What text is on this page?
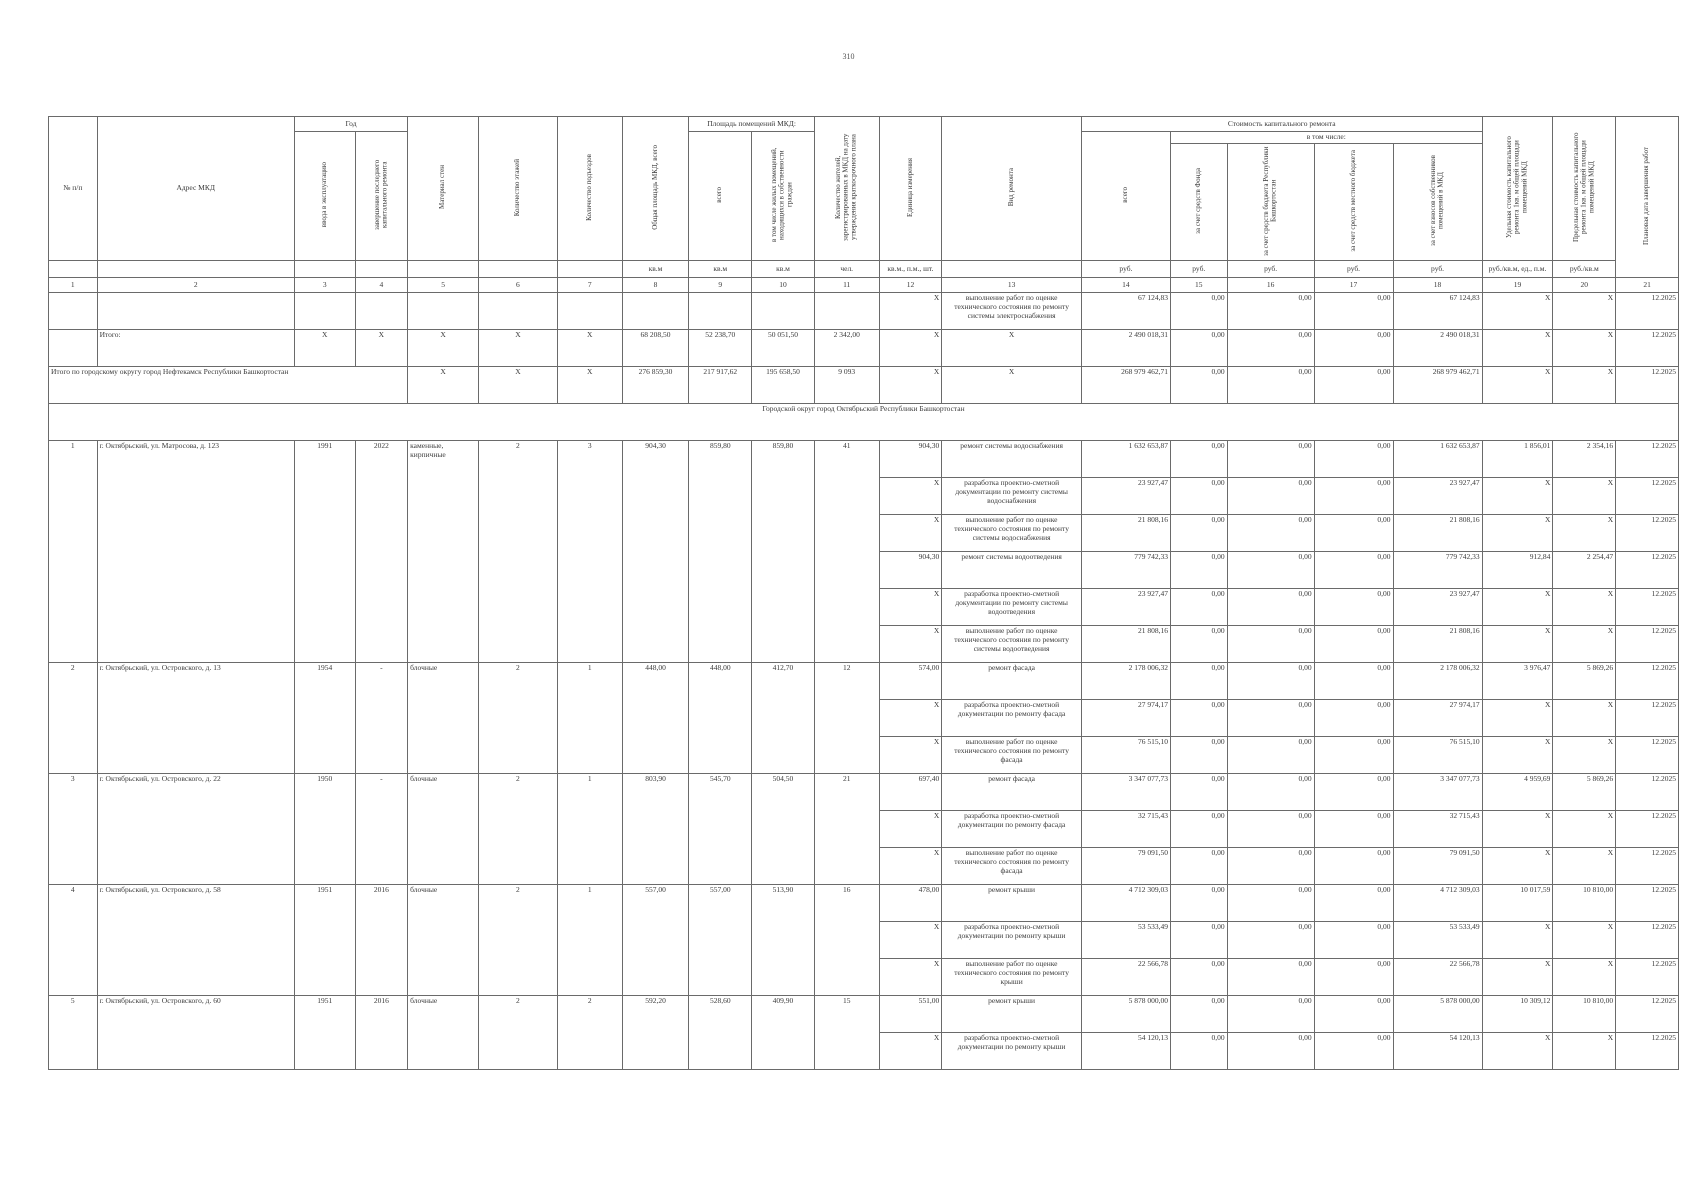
310
№ п/п	Адрес МКД	Год		Материал стен	Количество этажей	Количество подъездов	Общая площадь МКД, всего	Площадь помещений МКД:		Количество жителей, зарегистрированных в МКД на дату утверждения краткосрочного плана	Единица измерения	Вид ремонта	Стоимость капитального ремонта					Удельная стоимость капитального ремонта 1кв. м общей площади помещений МКД	Предельная стоимость капитального ремонта 1кв. м общей площади помещений МКД	Плановая дата завершения работ
		ввода в эксплуатацию	завершение последнего капитального ремонта					всего	в том числе жилых помещений, находящихся в собственности граждан				всего	в том числе:						
														за счет средств Фонда	за счет средств бюджета Республики Башкортостан	за счет средств местного бюджета	за счет взносов собственников помещений в МКД			
							кв.м	кв.м	кв.м	чел.	кв.м., п.м., шт.		руб.	руб.	руб.	руб.	руб.	руб./кв.м, ед., п.м.	руб./кв.м	
1	2	3	4	5	6	7	8	9	10	11	12	13	14	15	16	17	18	19	20	21
											X	выполнение работ по оценке технического состояния по ремонту системы электроснабжения	67 124,83	0,00	0,00	0,00	67 124,83	X	X	12.2025
	Итого:	X	X	X	X	X	68 208,50	52 238,70	50 051,50	2 342,00	X	X	2 490 018,31	0,00	0,00	0,00	2 490 018,31	X	X	12.2025
Итого по городскому округу город Нефтекамск Республики Башкортостан				X	X	X	276 859,30	217 917,62	195 658,50	9 093	X	X	268 979 462,71	0,00	0,00	0,00	268 979 462,71	X	X	12.2025
Городской округ город Октябрьский Республики Башкортостан																				
1	г. Октябрьский, ул. Матросова, д. 123	1991	2022	каменные, кирпичные	2	3	904,30	859,80	859,80	41	904,30	ремонт системы водоснабжения	1 632 653,87	0,00	0,00	0,00	1 632 653,87	1 856,01	2 354,16	12.2025
											X	разработка проектно-сметной документации по ремонту системы водоснабжения	23 927,47	0,00	0,00	0,00	23 927,47	X	X	12.2025
											X	выполнение работ по оценке технического состояния по ремонту системы водоснабжения	21 808,16	0,00	0,00	0,00	21 808,16	X	X	12.2025
											904,30	ремонт системы водоотведения	779 742,33	0,00	0,00	0,00	779 742,33	912,84	2 254,47	12.2025
											X	разработка проектно-сметной документации по ремонту системы водоотведения	23 927,47	0,00	0,00	0,00	23 927,47	X	X	12.2025
											X	выполнение работ по оценке технического состояния по ремонту системы водоотведения	21 808,16	0,00	0,00	0,00	21 808,16	X	X	12.2025
2	г. Октябрьский, ул. Островского, д. 13	1954	-	блочные	2	1	448,00	448,00	412,70	12	574,00	ремонт фасада	2 178 006,32	0,00	0,00	0,00	2 178 006,32	3 976,47	5 869,26	12.2025
											X	разработка проектно-сметной документации по ремонту фасада	27 974,17	0,00	0,00	0,00	27 974,17	X	X	12.2025
											X	выполнение работ по оценке технического состояния по ремонту фасада	76 515,10	0,00	0,00	0,00	76 515,10	X	X	12.2025
3	г. Октябрьский, ул. Островского, д. 22	1950	-	блочные	2	1	803,90	545,70	504,50	21	697,40	ремонт фасада	3 347 077,73	0,00	0,00	0,00	3 347 077,73	4 959,69	5 869,26	12.2025
											X	разработка проектно-сметной документации по ремонту фасада	32 715,43	0,00	0,00	0,00	32 715,43	X	X	12.2025
											X	выполнение работ по оценке технического состояния по ремонту фасада	79 091,50	0,00	0,00	0,00	79 091,50	X	X	12.2025
4	г. Октябрьский, ул. Островского, д. 58	1951	2016	блочные	2	1	557,00	557,00	513,90	16	478,00	ремонт крыши	4 712 309,03	0,00	0,00	0,00	4 712 309,03	10 017,59	10 810,00	12.2025
											X	разработка проектно-сметной документации по ремонту крыши	53 533,49	0,00	0,00	0,00	53 533,49	X	X	12.2025
											X	выполнение работ по оценке технического состояния по ремонту крыши	22 566,78	0,00	0,00	0,00	22 566,78	X	X	12.2025
5	г. Октябрьский, ул. Островского, д. 60	1951	2016	блочные	2	2	592,20	528,60	409,90	15	551,00	ремонт крыши	5 878 000,00	0,00	0,00	0,00	5 878 000,00	10 309,12	10 810,00	12.2025
											X	разработка проектно-сметной документации по ремонту крыши	54 120,13	0,00	0,00	0,00	54 120,13	X	X	12.2025
